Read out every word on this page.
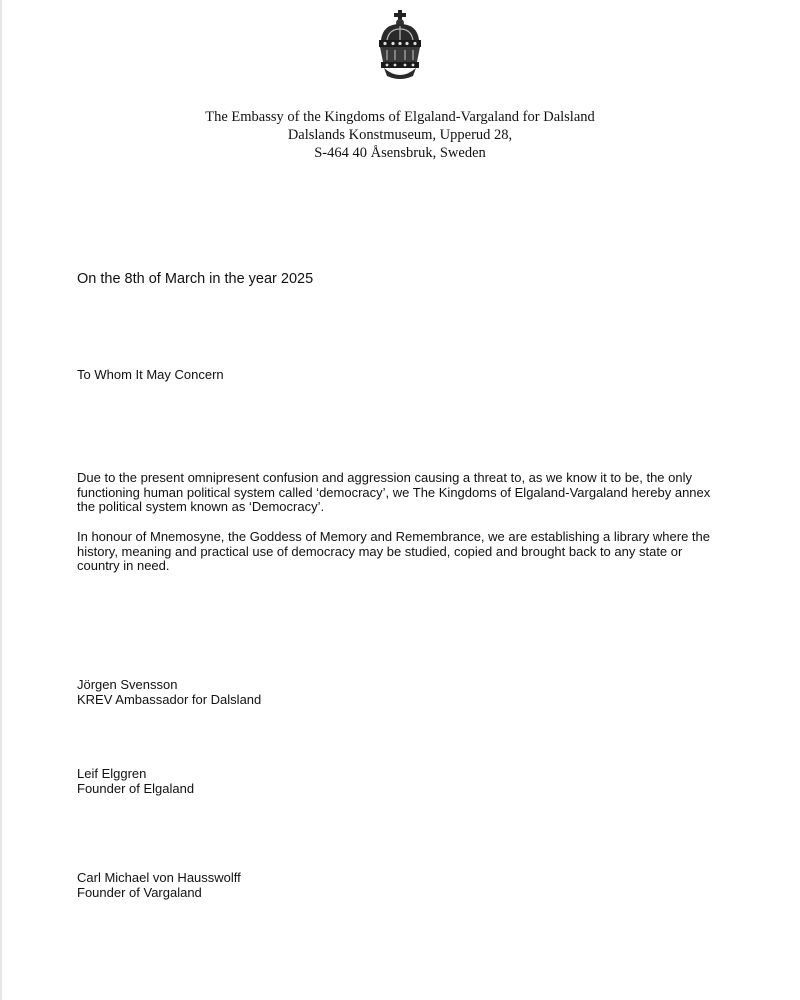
The Embassy of the Kingdoms of Elgaland-Vargaland for Dalsland
Dalslands Konstmuseum, Upperud 28,
S-464 40 Åsensbruk, Sweden
On the 8th of March in the year 2025
To Whom It May Concern

Due to the present omnipresent confusion and aggression causing a threat to, as we know it to be, the only functioning human political system called ‘democracy’, we The Kingdoms of Elgaland-Vargaland hereby annex the political system known as ‘Democracy’.

In honour of Mnemosyne, the Goddess of Memory and Remembrance, we are establishing a library where the history, meaning and practical use of democracy may be studied, copied and brought back to any state or country in need.

Jörgen Svensson
KREV Ambassador for Dalsland
Leif Elggren
Founder of Elgaland
Carl Michael von Hausswolff
Founder of Vargaland
